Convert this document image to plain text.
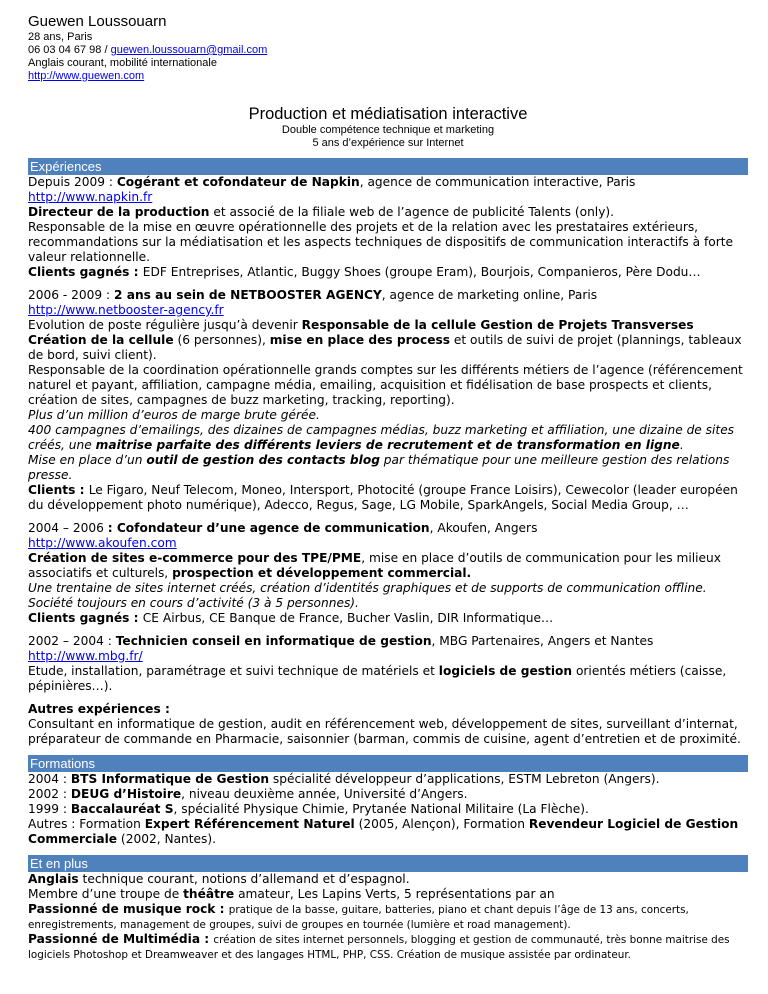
Guewen Loussouarn
28 ans, Paris
06 03 04 67 98 / guewen.loussouarn@gmail.com
Anglais courant, mobilité internationale
http://www.guewen.com
Production et médiatisation interactive
Double compétence technique et marketing
5 ans d’expérience sur Internet
Expériences
Depuis 2009 : Cogérant et cofondateur de Napkin, agence de communication interactive, Paris
http://www.napkin.fr
Directeur de la production et associé de la filiale web de l’agence de publicité Talents (only).
Responsable de la mise en œuvre opérationnelle des projets et de la relation avec les prestataires extérieurs, recommandations sur la médiatisation et les aspects techniques de dispositifs de communication interactifs à forte valeur relationnelle.
Clients gagnés : EDF Entreprises, Atlantic, Buggy Shoes (groupe Eram), Bourjois, Companieros, Père Dodu…
2006 - 2009 : 2 ans au sein de NETBOOSTER AGENCY, agence de marketing online, Paris
http://www.netbooster-agency.fr
Evolution de poste régulière jusqu’à devenir Responsable de la cellule Gestion de Projets Transverses
Création de la cellule (6 personnes), mise en place des process et outils de suivi de projet (plannings, tableaux de bord, suivi client).
Responsable de la coordination opérationnelle grands comptes sur les différents métiers de l’agence (référencement naturel et payant, affiliation, campagne média, emailing, acquisition et fidélisation de base prospects et clients, création de sites, campagnes de buzz marketing, tracking, reporting).
Plus d’un million d’euros de marge brute gérée.
400 campagnes d’emailings, des dizaines de campagnes médias, buzz marketing et affiliation, une dizaine de sites créés, une maitrise parfaite des différents leviers de recrutement et de transformation en ligne.
Mise en place d’un outil de gestion des contacts blog par thématique pour une meilleure gestion des relations presse.
Clients : Le Figaro, Neuf Telecom, Moneo, Intersport, Photocité (groupe France Loisirs), Cewecolor (leader européen du développement photo numérique), Adecco, Regus, Sage, LG Mobile, SparkAngels, Social Media Group, …
2004 – 2006 : Cofondateur d’une agence de communication, Akoufen, Angers
http://www.akoufen.com
Création de sites e-commerce pour des TPE/PME, mise en place d’outils de communication pour les milieux associatifs et culturels, prospection et développement commercial.
Une trentaine de sites internet créés, création d’identités graphiques et de supports de communication offline.
Société toujours en cours d’activité (3 à 5 personnes).
Clients gagnés : CE Airbus, CE Banque de France, Bucher Vaslin, DIR Informatique…
2002 – 2004 : Technicien conseil en informatique de gestion, MBG Partenaires, Angers et Nantes
http://www.mbg.fr/
Etude, installation, paramétrage et suivi technique de matériels et logiciels de gestion orientés métiers (caisse, pépinières…).
Autres expériences :
Consultant en informatique de gestion, audit en référencement web, développement de sites, surveillant d’internat, préparateur de commande en Pharmacie, saisonnier (barman, commis de cuisine, agent d’entretien et de proximité.
Formations
2004 : BTS Informatique de Gestion spécialité développeur d’applications, ESTM Lebreton (Angers).
2002 : DEUG d’Histoire, niveau deuxième année, Université d’Angers.
1999 : Baccalauréat S, spécialité Physique Chimie, Prytanée National Militaire (La Flèche).
Autres : Formation Expert Référencement Naturel (2005, Alençon), Formation Revendeur Logiciel de Gestion Commerciale (2002, Nantes).
Et en plus
Anglais technique courant, notions d’allemand et d’espagnol.
Membre d’une troupe de théâtre amateur, Les Lapins Verts, 5 représentations par an
Passionné de musique rock : pratique de la basse, guitare, batteries, piano et chant depuis l’âge de 13 ans, concerts, enregistrements, management de groupes, suivi de groupes en tournée (lumière et road management).
Passionné de Multimédia : création de sites internet personnels, blogging et gestion de communauté, très bonne maitrise des logiciels Photoshop et Dreamweaver et des langages HTML, PHP, CSS. Création de musique assistée par ordinateur.
